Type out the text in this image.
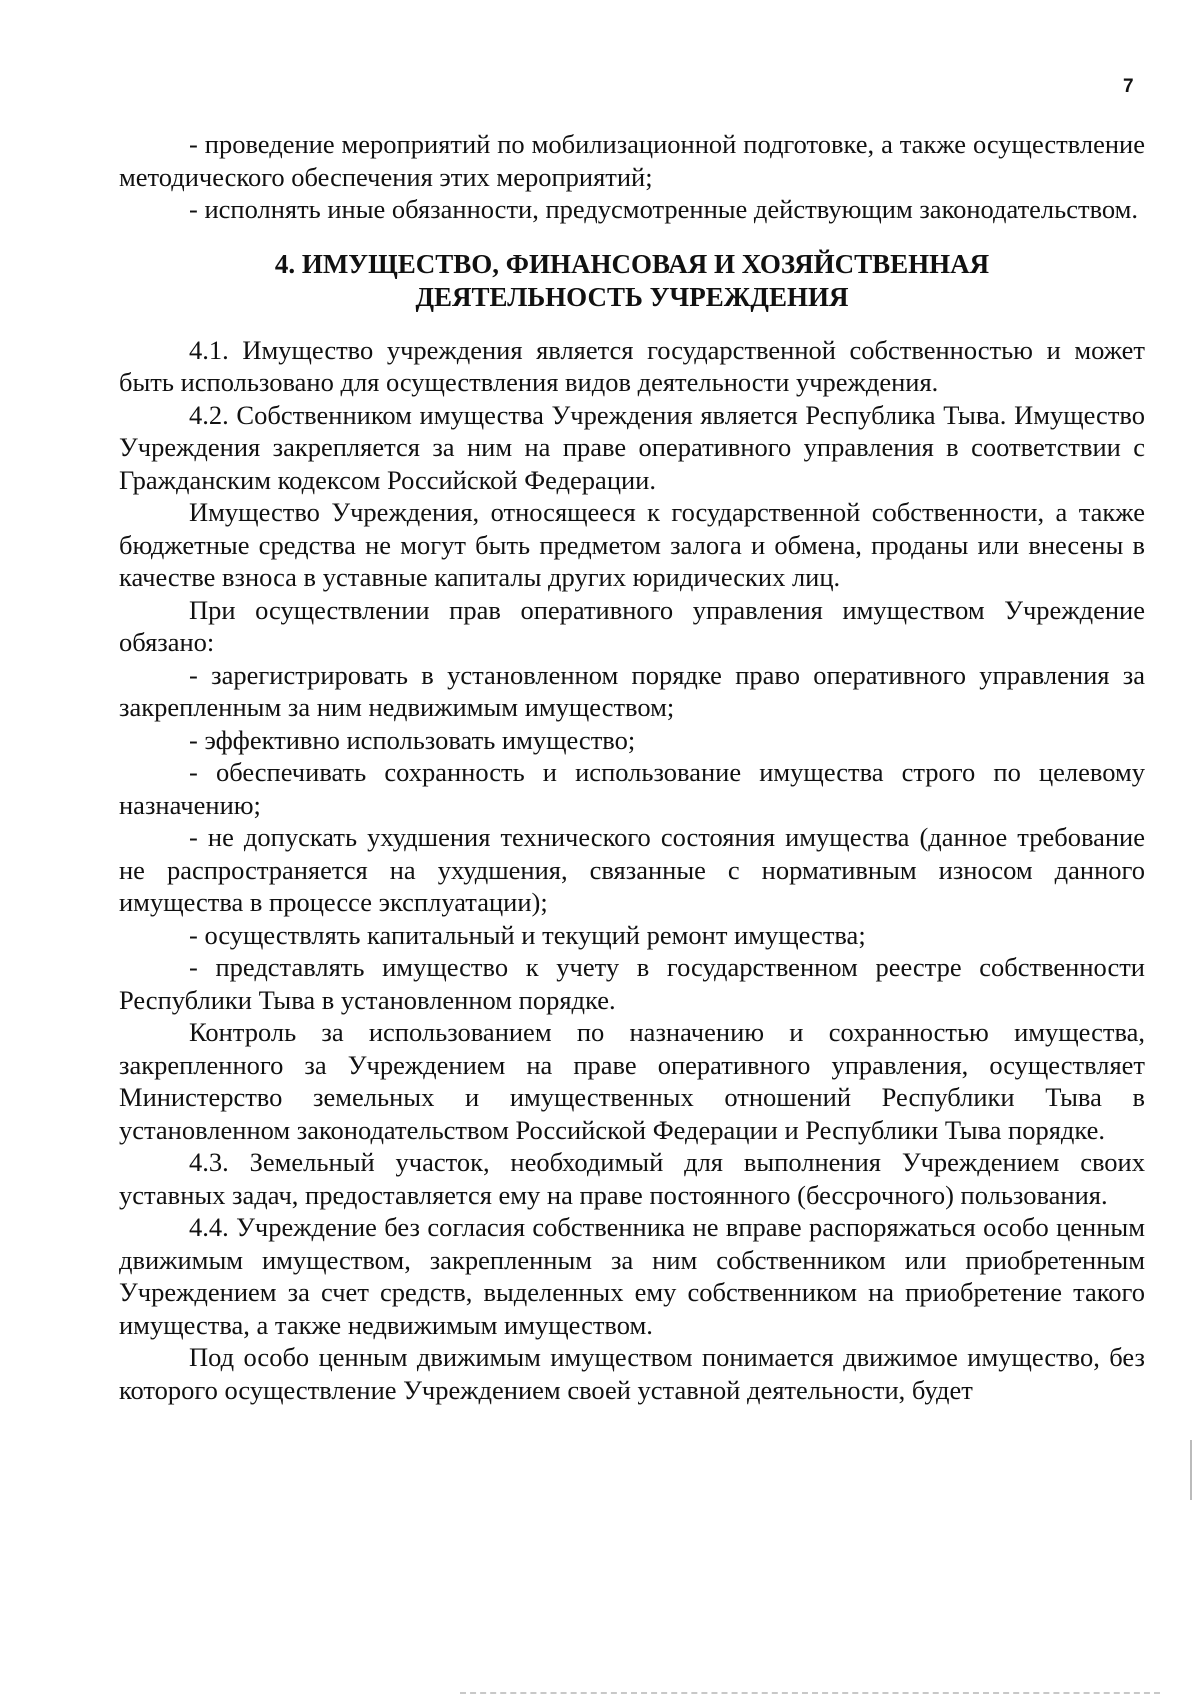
7

- проведение мероприятий по мобилизационной подготовке, а также осуществление методического обеспечения этих мероприятий;

- исполнять иные обязанности, предусмотренные действующим законодательством.

4. ИМУЩЕСТВО, ФИНАНСОВАЯ И ХОЗЯЙСТВЕННАЯ
ДЕЯТЕЛЬНОСТЬ УЧРЕЖДЕНИЯ

4.1. Имущество учреждения является государственной собственностью и может быть использовано для осуществления видов деятельности учреждения.

4.2. Собственником имущества Учреждения является Республика Тыва. Имущество Учреждения закрепляется за ним на праве оперативного управления в соответствии с Гражданским кодексом Российской Федерации.

Имущество Учреждения, относящееся к государственной собственности, а также бюджетные средства не могут быть предметом залога и обмена, проданы или внесены в качестве взноса в уставные капиталы других юридических лиц.

При осуществлении прав оперативного управления имуществом Учреждение обязано:

- зарегистрировать в установленном порядке право оперативного управления за закрепленным за ним недвижимым имуществом;

- эффективно использовать имущество;

- обеспечивать сохранность и использование имущества строго по целевому назначению;

- не допускать ухудшения технического состояния имущества (данное требование не распространяется на ухудшения, связанные с нормативным износом данного имущества в процессе эксплуатации);

- осуществлять капитальный и текущий ремонт имущества;

- представлять имущество к учету в государственном реестре собственности Республики Тыва в установленном порядке.

Контроль за использованием по назначению и сохранностью имущества, закрепленного за Учреждением на праве оперативного управления, осуществляет Министерство земельных и имущественных отношений Республики Тыва в установленном законодательством Российской Федерации и Республики Тыва порядке.

4.3. Земельный участок, необходимый для выполнения Учреждением своих уставных задач, предоставляется ему на праве постоянного (бессрочного) пользования.

4.4. Учреждение без согласия собственника не вправе распоряжаться особо ценным движимым имуществом, закрепленным за ним собственником или приобретенным Учреждением за счет средств, выделенных ему собственником на приобретение такого имущества, а также недвижимым имуществом.

Под особо ценным движимым имуществом понимается движимое имущество, без которого осуществление Учреждением своей уставной деятельности, будет
